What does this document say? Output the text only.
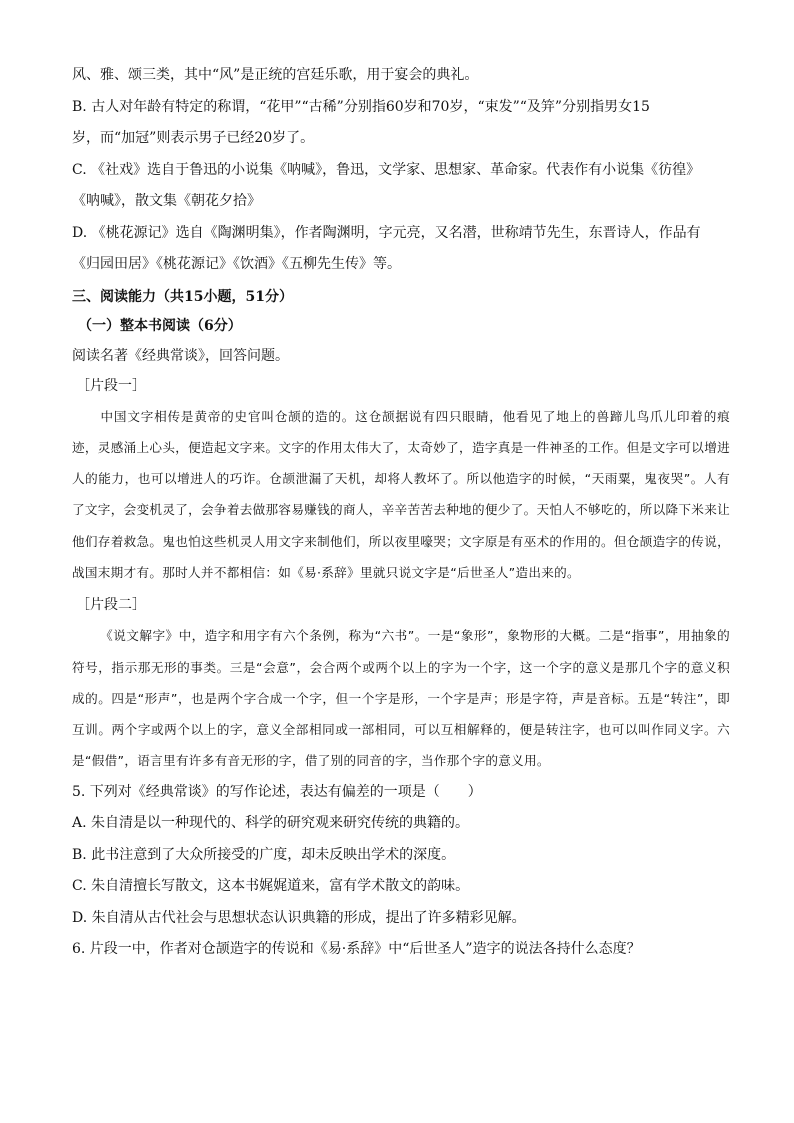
风、雅、颂三类，其中“风”是正统的宫廷乐歌，用于宴会的典礼。

B. 古人对年龄有特定的称谓，“花甲”“古稀”分别指60岁和70岁，“束发”“及笄”分别指男女15

岁，而“加冠”则表示男子已经20岁了。

C. 《社戏》选自于鲁迅的小说集《呐喊》，鲁迅，文学家、思想家、革命家。代表作有小说集《彷徨》

《呐喊》，散文集《朝花夕拾》

D. 《桃花源记》选自《陶渊明集》，作者陶渊明，字元亮，又名潜，世称靖节先生，东晋诗人，作品有

《归园田居》《桃花源记》《饮酒》《五柳先生传》等。

三、阅读能力（共15小题，51分）

（一）整本书阅读（6分）

阅读名著《经典常谈》，回答问题。

［片段一］

中国文字相传是黄帝的史官叫仓颉的造的。这仓颉据说有四只眼睛，他看见了地上的兽蹄儿鸟爪儿印着的痕迹，灵感涌上心头，便造起文字来。文字的作用太伟大了，太奇妙了，造字真是一件神圣的工作。但是文字可以增进人的能力，也可以增进人的巧诈。仓颉泄漏了天机，却将人教坏了。所以他造字的时候，“天雨粟，鬼夜哭”。人有了文字，会变机灵了，会争着去做那容易赚钱的商人，辛辛苦苦去种地的便少了。天怕人不够吃的，所以降下米来让他们存着救急。鬼也怕这些机灵人用文字来制他们，所以夜里嚎哭；文字原是有巫术的作用的。但仓颉造字的传说，战国末期才有。那时人并不都相信：如《易·系辞》里就只说文字是“后世圣人”造出来的。

［片段二］

《说文解字》中，造字和用字有六个条例，称为“六书”。一是“象形”，象物形的大概。二是“指事”，用抽象的符号，指示那无形的事类。三是“会意”，会合两个或两个以上的字为一个字，这一个字的意义是那几个字的意义积成的。四是“形声”，也是两个字合成一个字，但一个字是形，一个字是声；形是字符，声是音标。五是“转注”，即互训。两个字或两个以上的字，意义全部相同或一部相同，可以互相解释的，便是转注字，也可以叫作同义字。六是“假借”，语言里有许多有音无形的字，借了别的同音的字，当作那个字的意义用。

5. 下列对《经典常谈》的写作论述，表达有偏差的一项是（　　）

A. 朱自清是以一种现代的、科学的研究观来研究传统的典籍的。

B. 此书注意到了大众所接受的广度，却未反映出学术的深度。

C. 朱自清擅长写散文，这本书娓娓道来，富有学术散文的韵味。

D. 朱自清从古代社会与思想状态认识典籍的形成，提出了许多精彩见解。

6. 片段一中，作者对仓颉造字的传说和《易·系辞》中“后世圣人”造字的说法各持什么态度？
